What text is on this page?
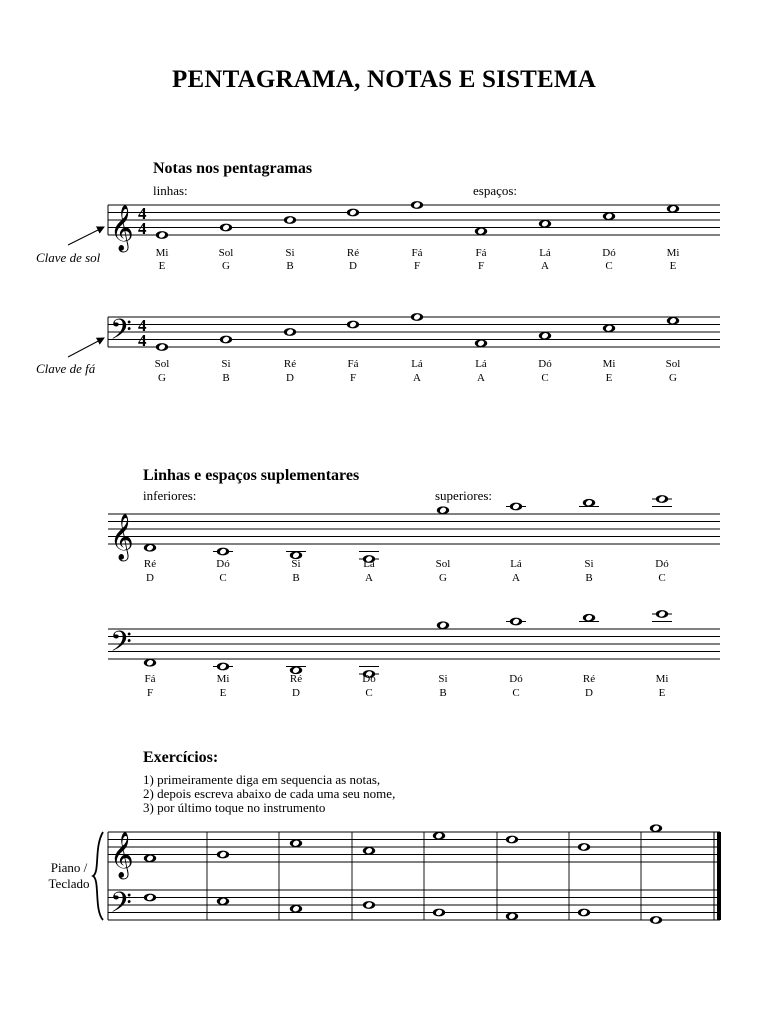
PENTAGRAMA, NOTAS E SISTEMA
Notas nos pentagramas
linhas:	espaços:
Clave de sol
Clave de fá
𝄞 4
4
Mi
E
Sol
G
Si
B
Ré
D
Fá
F
Fá
F
Lá
A
Dó
C
Mi
E
𝄢 4
4
Sol
G
Si
B
Ré
D
Fá
F
Lá
A
Lá
A
Dó
C
Mi
E
Sol
G
𝄞
Ré
D
Dó
C
Si
B
Lá
A
Sol
G
Lá
A
Si
B
Dó
C
𝄢
Fá
F
Mi
E
Ré
D
Dó
C
Si
B
Dó
C
Ré
D
Mi
E
𝄞
𝄢
Linhas e espaços suplementares
inferiores:	superiores:
Exercícios:
1) primeiramente diga em sequencia as notas,
2) depois escreva abaixo de cada uma seu nome,
3) por último toque no instrumento
Piano /
Teclado
